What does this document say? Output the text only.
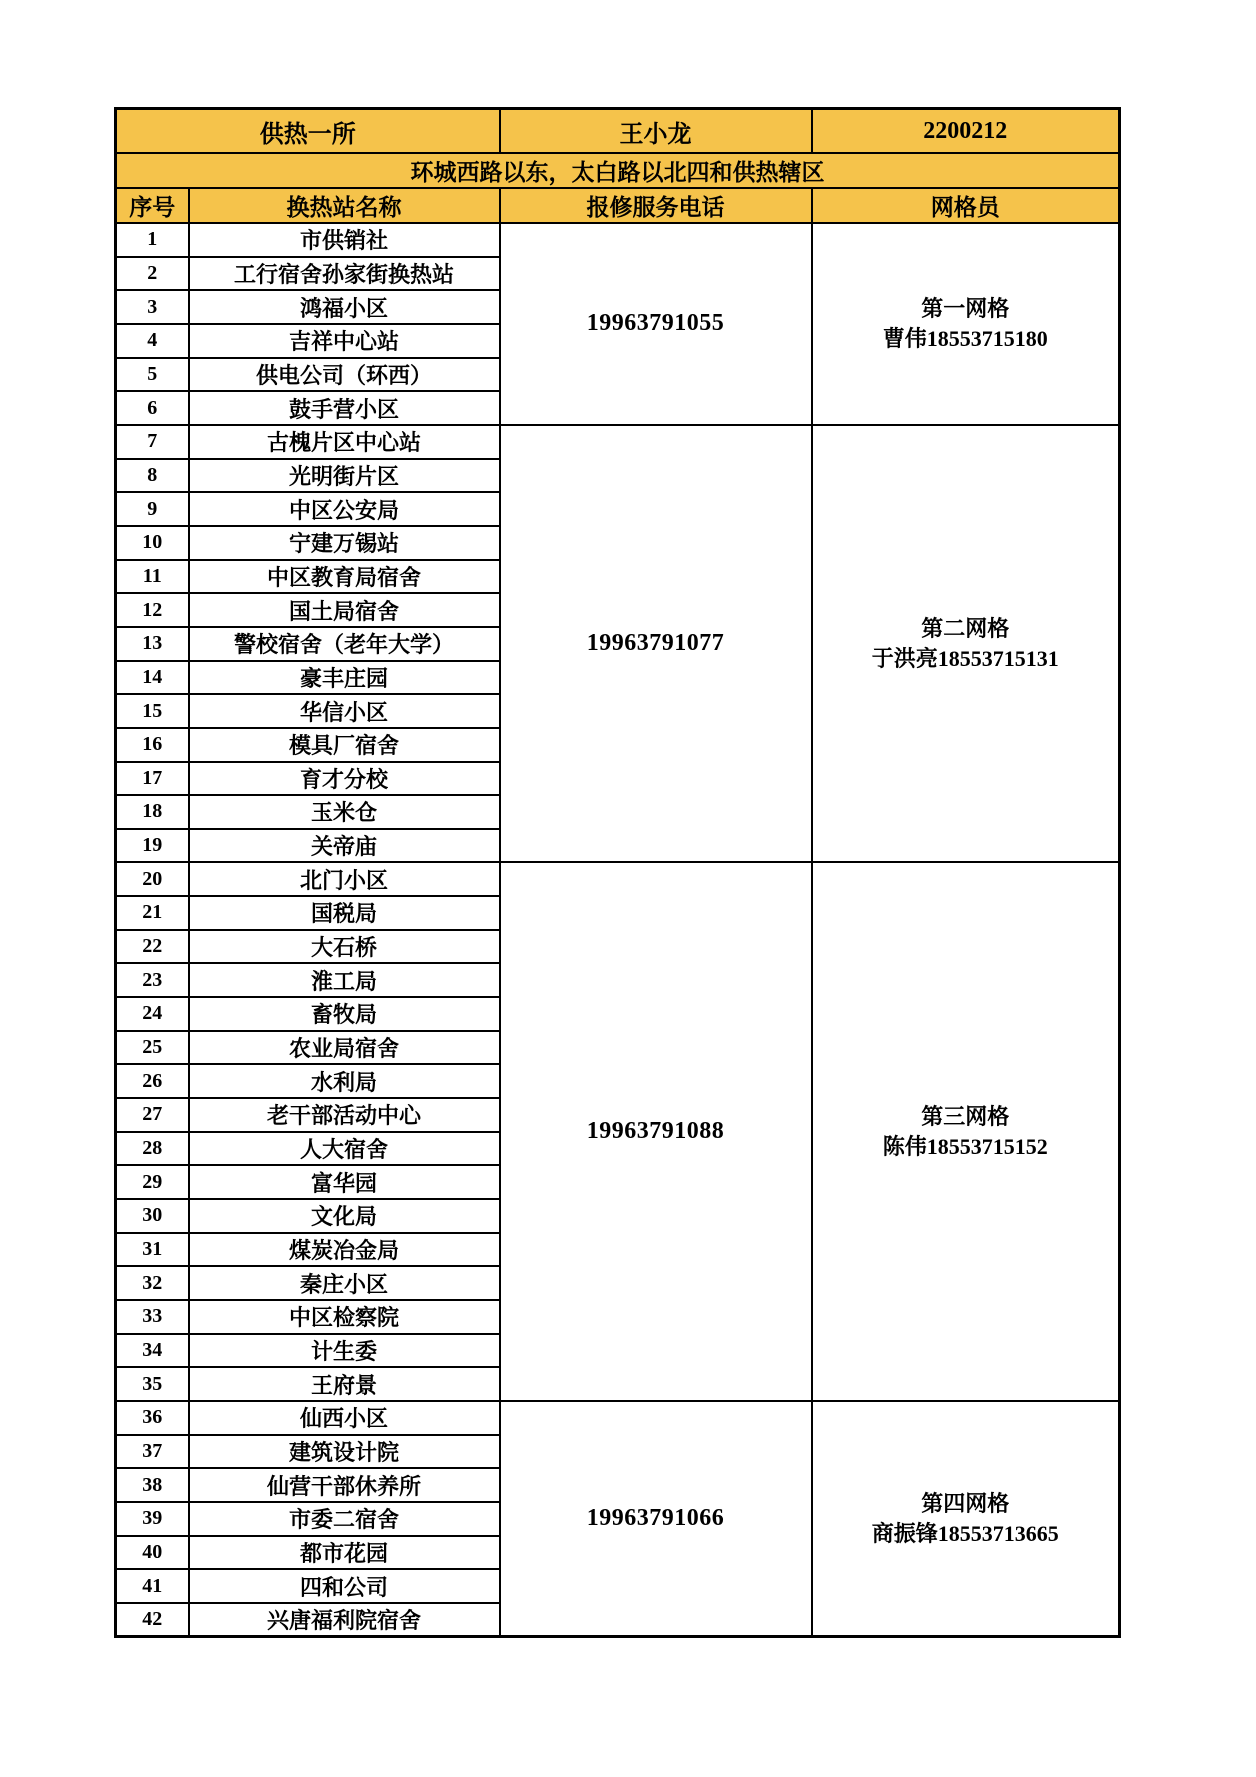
供热一所		王小龙	2200212
环城西路以东，太白路以北四和供热辖区			
序号	换热站名称	报修服务电话	网格员
1	市供销社	19963791055	第一网格
曹伟18553715180

2	工行宿舍孙家街换热站		
3	鸿福小区		
4	吉祥中心站		
5	供电公司（环西）		
6	鼓手营小区		
7	古槐片区中心站	19963791077	第二网格
于洪亮18553715131

8	光明街片区		
9	中区公安局		
10	宁建万锡站		
11	中区教育局宿舍		
12	国土局宿舍		
13	警校宿舍（老年大学）		
14	豪丰庄园		
15	华信小区		
16	模具厂宿舍		
17	育才分校		
18	玉米仓		
19	关帝庙		
20	北门小区	19963791088	第三网格
陈伟18553715152

21	国税局		
22	大石桥		
23	淮工局		
24	畜牧局		
25	农业局宿舍		
26	水利局		
27	老干部活动中心		
28	人大宿舍		
29	富华园		
30	文化局		
31	煤炭冶金局		
32	秦庄小区		
33	中区检察院		
34	计生委		
35	王府景		
36	仙西小区	19963791066	第四网格
商振锋18553713665

37	建筑设计院		
38	仙营干部休养所		
39	市委二宿舍		
40	都市花园		
41	四和公司		
42	兴唐福利院宿舍		
